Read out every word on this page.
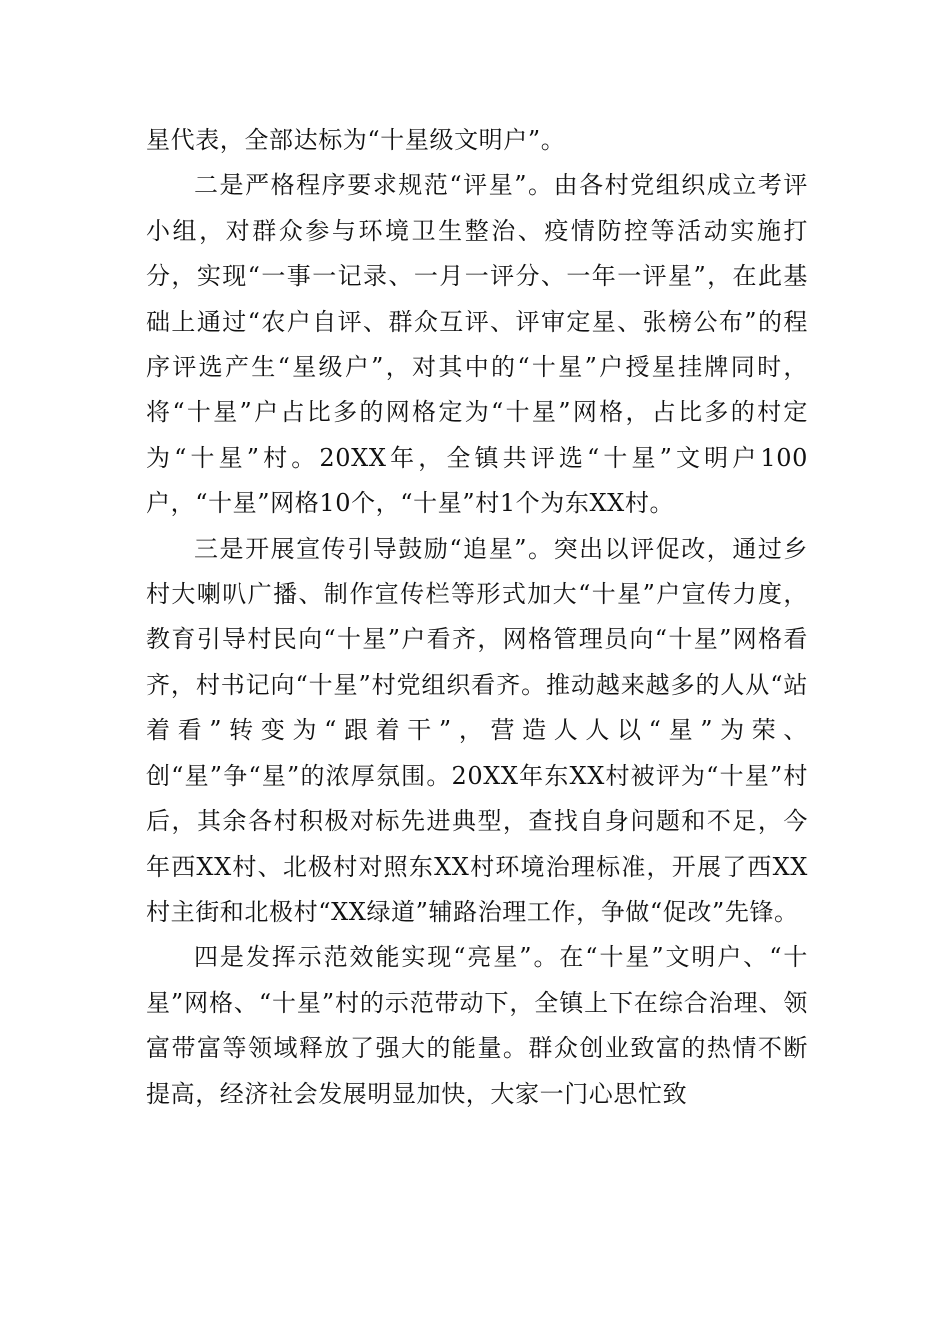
星代表，全部达标为“十星级文明户”。

二是严格程序要求规范“评星”。由各村党组织成立考评小组，对群众参与环境卫生整治、疫情防控等活动实施打分，实现“一事一记录、一月一评分、一年一评星”，在此基础上通过“农户自评、群众互评、评审定星、张榜公布”的程序评选产生“星级户”，对其中的“十星”户授星挂牌同时，将“十星”户占比多的网格定为“十星”网格，占比多的村定为“十星”村。20XX年，全镇共评选“十星”文明户100户，“十星”网格10个，“十星”村1个为东XX村。

三是开展宣传引导鼓励“追星”。突出以评促改，通过乡村大喇叭广播、制作宣传栏等形式加大“十星”户宣传力度，教育引导村民向“十星”户看齐，网格管理员向“十星”网格看齐，村书记向“十星”村党组织看齐。推动越来越多的人从“站着看”转变为“跟着干”，营造人人以“星”为荣、创“星”争“星”的浓厚氛围。20XX年东XX村被评为“十星”村后，其余各村积极对标先进典型，查找自身问题和不足，今年西XX村、北极村对照东XX村环境治理标准，开展了西XX村主街和北极村“XX绿道”辅路治理工作，争做“促改”先锋。

四是发挥示范效能实现“亮星”。在“十星”文明户、“十星”网格、“十星”村的示范带动下，全镇上下在综合治理、领富带富等领域释放了强大的能量。群众创业致富的热情不断提高，经济社会发展明显加快，大家一门心思忙致
